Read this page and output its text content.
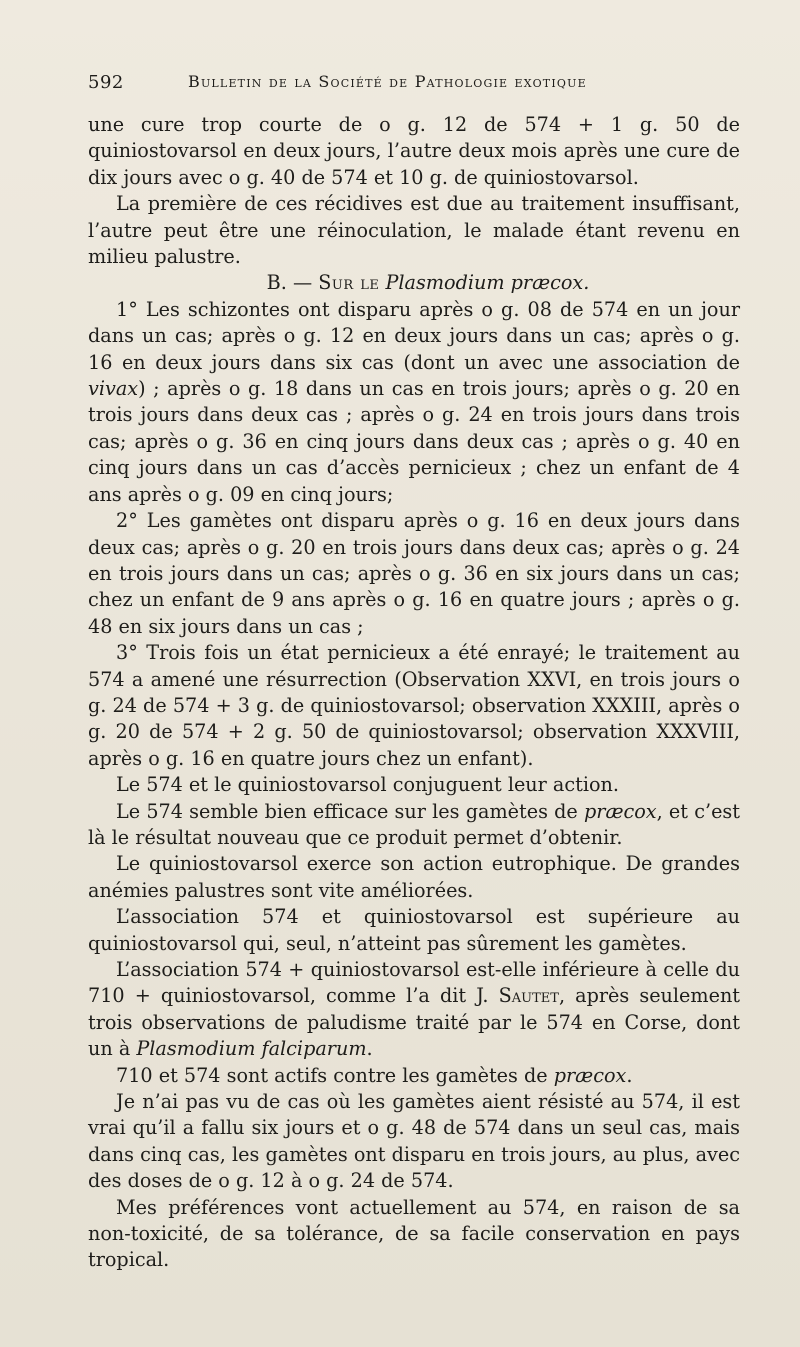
592	Bulletin de la Société de Pathologie exotique

une cure trop courte de o g. 12 de 574 + 1 g. 50 de quiniostovarsol en deux jours, l’autre deux mois après une cure de dix jours avec o g. 40 de 574 et 10 g. de quiniostovarsol.

La première de ces récidives est due au traitement insuffisant, l’autre peut être une réinoculation, le malade étant revenu en milieu palustre.

B. — Sur le Plasmodium præcox.

1° Les schizontes ont disparu après o g. 08 de 574 en un jour dans un cas; après o g. 12 en deux jours dans un cas; après o g. 16 en deux jours dans six cas (dont un avec une association de vivax) ; après o g. 18 dans un cas en trois jours; après o g. 20 en trois jours dans deux cas ; après o g. 24 en trois jours dans trois cas; après o g. 36 en cinq jours dans deux cas ; après o g. 40 en cinq jours dans un cas d’accès pernicieux ; chez un enfant de 4 ans après o g. 09 en cinq jours;

2° Les gamètes ont disparu après o g. 16 en deux jours dans deux cas; après o g. 20 en trois jours dans deux cas; après o g. 24 en trois jours dans un cas; après o g. 36 en six jours dans un cas; chez un enfant de 9 ans après o g. 16 en quatre jours ; après o g. 48 en six jours dans un cas ;

3° Trois fois un état pernicieux a été enrayé; le traitement au 574 a amené une résurrection (Observation XXVI, en trois jours o g. 24 de 574 + 3 g. de quiniostovarsol; observation XXXIII, après o g. 20 de 574 + 2 g. 50 de quiniostovarsol; observation XXXVIII, après o g. 16 en quatre jours chez un enfant).

Le 574 et le quiniostovarsol conjuguent leur action.

Le 574 semble bien efficace sur les gamètes de præcox, et c’est là le résultat nouveau que ce produit permet d’obtenir.

Le quiniostovarsol exerce son action eutrophique. De grandes anémies palustres sont vite améliorées.

L’association 574 et quiniostovarsol est supérieure au quiniostovarsol qui, seul, n’atteint pas sûrement les gamètes.

L’association 574 + quiniostovarsol est-elle inférieure à celle du 710 + quiniostovarsol, comme l’a dit J. Sautet, après seulement trois observations de paludisme traité par le 574 en Corse, dont un à Plasmodium falciparum.

710 et 574 sont actifs contre les gamètes de præcox.

Je n’ai pas vu de cas où les gamètes aient résisté au 574, il est vrai qu’il a fallu six jours et o g. 48 de 574 dans un seul cas, mais dans cinq cas, les gamètes ont disparu en trois jours, au plus, avec des doses de o g. 12 à o g. 24 de 574.

Mes préférences vont actuellement au 574, en raison de sa non-toxicité, de sa tolérance, de sa facile conservation en pays tropical.
